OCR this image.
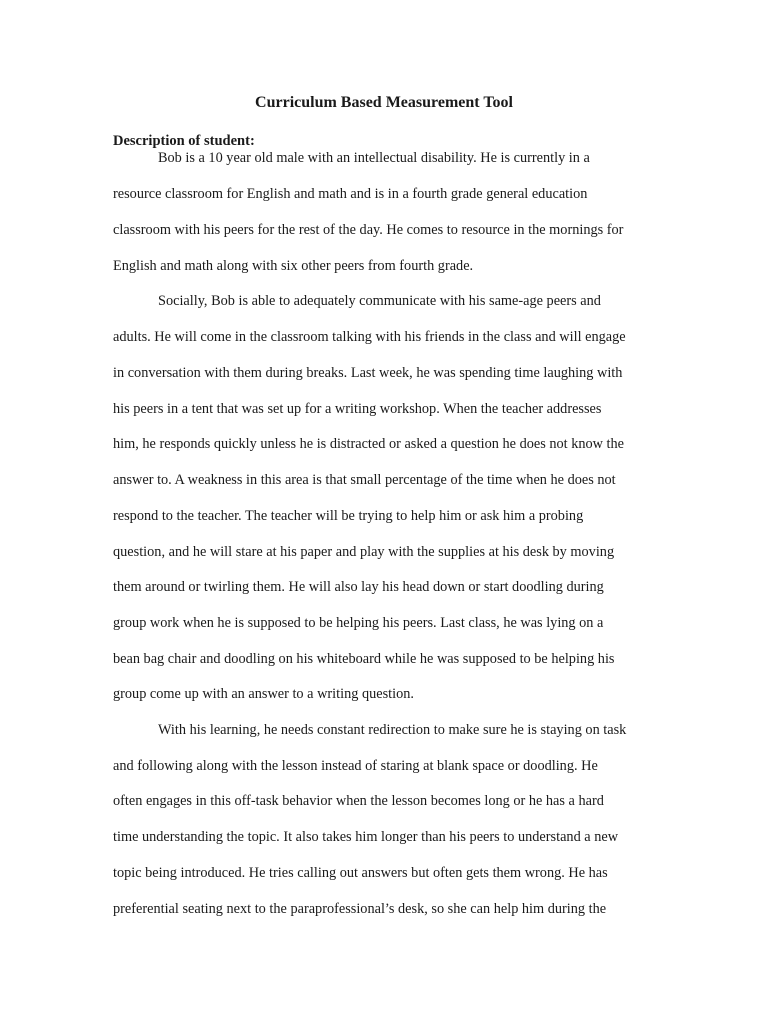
Curriculum Based Measurement Tool
Description of student:
Bob is a 10 year old male with an intellectual disability. He is currently in a
resource classroom for English and math and is in a fourth grade general education
classroom with his peers for the rest of the day. He comes to resource in the mornings for
English and math along with six other peers from fourth grade.
Socially, Bob is able to adequately communicate with his same-age peers and
adults. He will come in the classroom talking with his friends in the class and will engage
in conversation with them during breaks. Last week, he was spending time laughing with
his peers in a tent that was set up for a writing workshop. When the teacher addresses
him, he responds quickly unless he is distracted or asked a question he does not know the
answer to. A weakness in this area is that small percentage of the time when he does not
respond to the teacher. The teacher will be trying to help him or ask him a probing
question, and he will stare at his paper and play with the supplies at his desk by moving
them around or twirling them. He will also lay his head down or start doodling during
group work when he is supposed to be helping his peers. Last class, he was lying on a
bean bag chair and doodling on his whiteboard while he was supposed to be helping his
group come up with an answer to a writing question.
With his learning, he needs constant redirection to make sure he is staying on task
and following along with the lesson instead of staring at blank space or doodling. He
often engages in this off-task behavior when the lesson becomes long or he has a hard
time understanding the topic. It also takes him longer than his peers to understand a new
topic being introduced. He tries calling out answers but often gets them wrong. He has
preferential seating next to the paraprofessional’s desk, so she can help him during the
